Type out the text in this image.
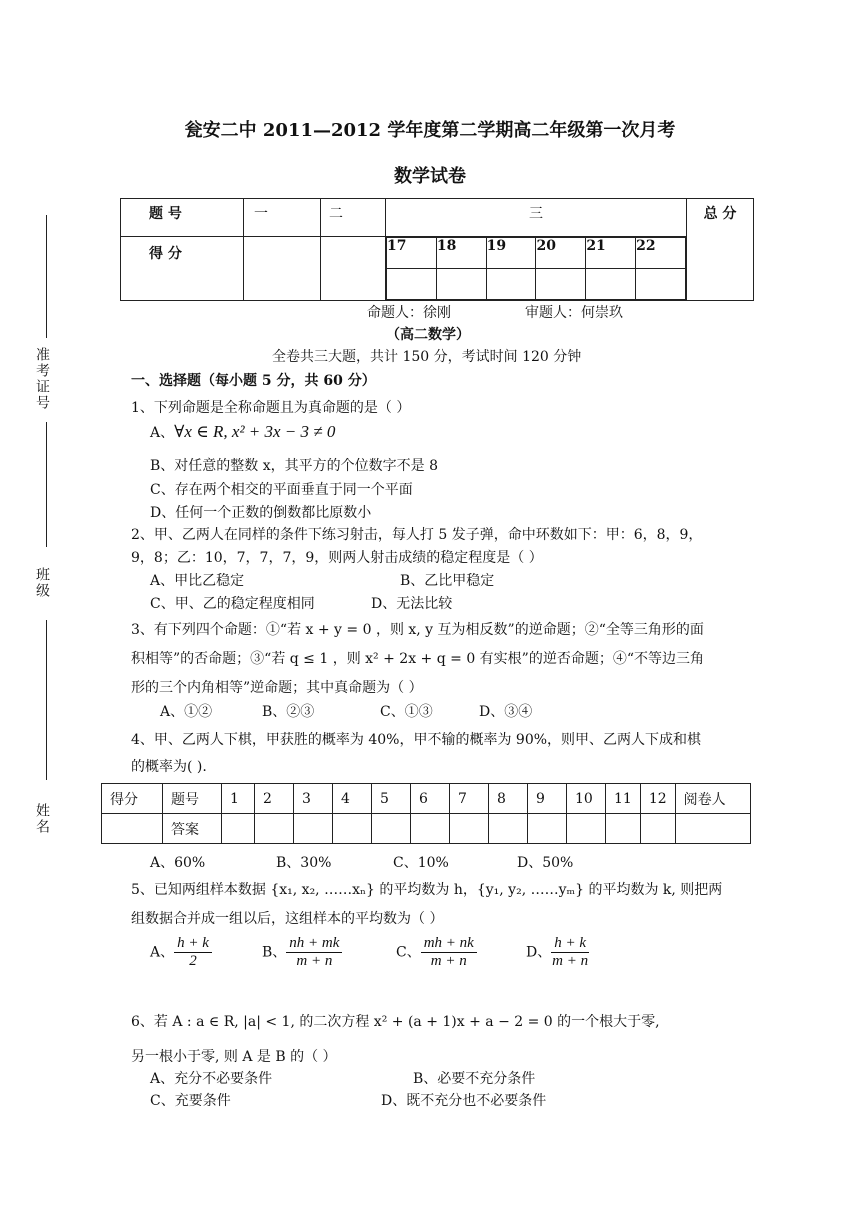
瓮安二中 2011—2012 学年度第二学期高二年级第一次月考
数学试卷
准考证号
班级
姓名
题 号	一	二	三	总 分
得 分				17	18	19	20	21	22

命题人：徐刚	审题人：何崇玖
（高二数学）
全卷共三大题，共计 150 分，考试时间 120 分钟
一、选择题（每小题 5 分，共 60 分）
1、下列命题是全称命题且为真命题的是（ ）
A、∀x ∈ R, x² + 3x − 3 ≠ 0
B、对任意的整数 x，其平方的个位数字不是 8
C、存在两个相交的平面垂直于同一个平面
D、任何一个正数的倒数都比原数小
2、甲、乙两人在同样的条件下练习射击，每人打 5 发子弹，命中环数如下：甲：6，8，9，
9，8；乙：10，7，7，7，9，则两人射击成绩的稳定程度是（ ）
A、甲比乙稳定	B、乙比甲稳定
C、甲、乙的稳定程度相同	D、无法比较
3、有下列四个命题：①“若 x + y = 0 ，则 x, y 互为相反数”的逆命题；②“全等三角形的面
积相等”的否命题；③“若 q ≤ 1 ，则 x² + 2x + q = 0 有实根”的逆否命题；④“不等边三角
形的三个内角相等”逆命题；其中真命题为（ ）
A、①②	B、②③	C、①③	D、③④
4、甲、乙两人下棋，甲获胜的概率为 40%，甲不输的概率为 90%，则甲、乙两人下成和棋
的概率为( ).
得分	题号	1	2	3	4	5	6	7	8	9	10	11	12	阅卷人
	答案													
A、60%	B、30%	C、10%	D、50%
5、已知两组样本数据 {x₁, x₂, ……xₙ} 的平均数为 h，{y₁, y₂, ……yₘ} 的平均数为 k, 则把两
组数据合并成一组以后，这组样本的平均数为（ ）
A、 $\frac{h + k}{2}$	B、 $\frac{nh + mk}{m + n}$	C、 $\frac{mh + nk}{m + n}$	D、 $\frac{h + k}{m + n}$
6、若 A : a ∈ R, |a| < 1, 的二次方程 x² + (a + 1)x + a − 2 = 0 的一个根大于零,
另一根小于零, 则 A 是 B 的（ ）
A、充分不必要条件	B、必要不充分条件
C、充要条件	D、既不充分也不必要条件
